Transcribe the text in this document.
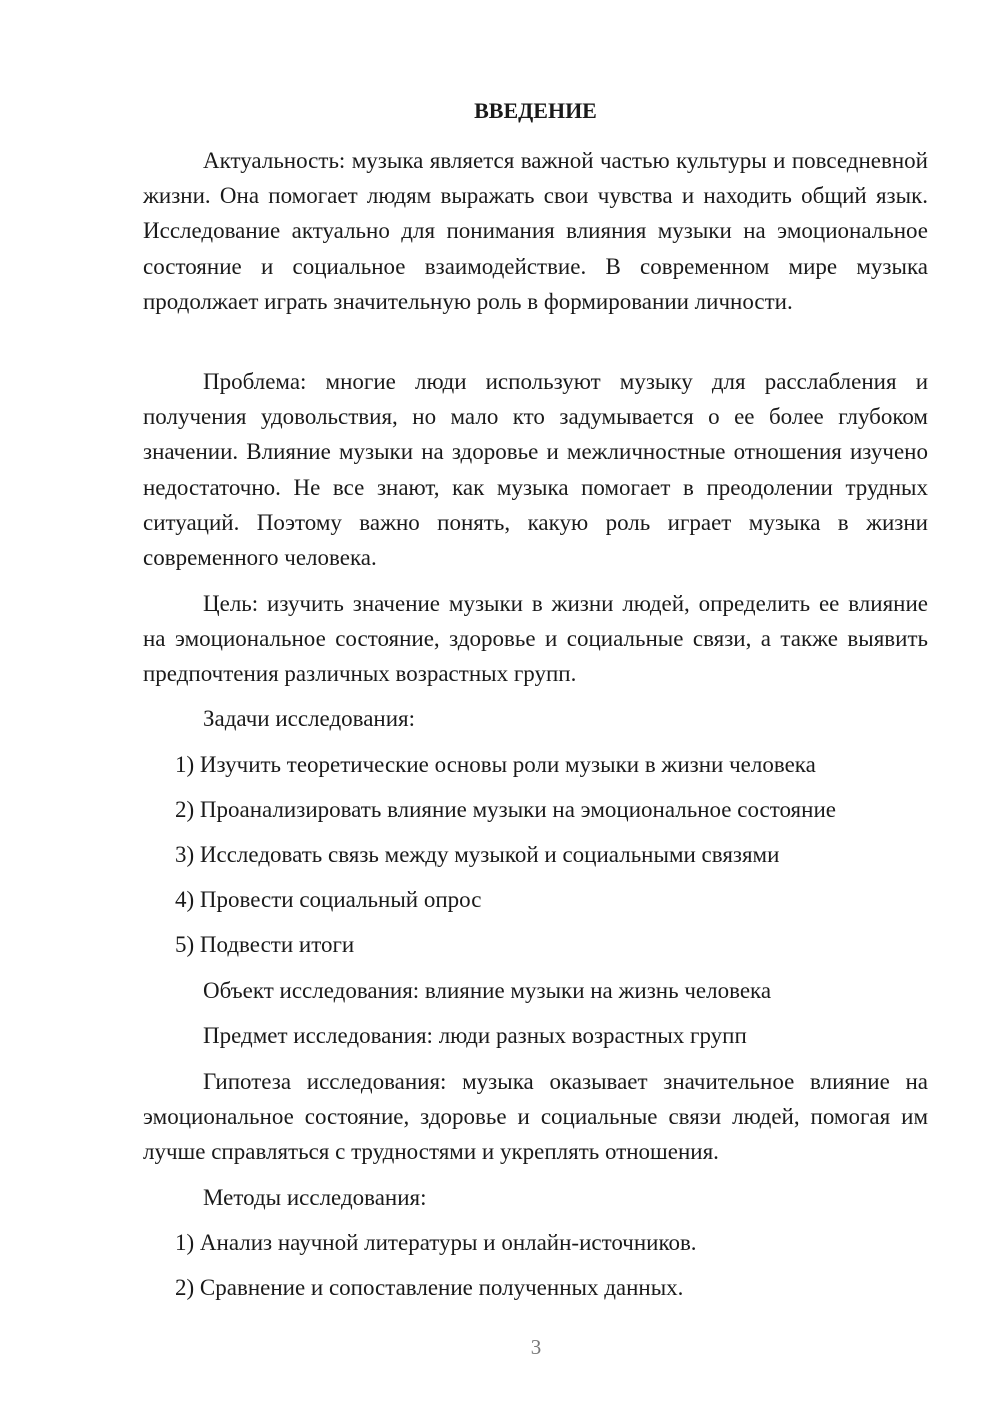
ВВЕДЕНИЕ

Актуальность: музыка является важной частью культуры и повседневной жизни. Она помогает людям выражать свои чувства и находить общий язык. Исследование актуально для понимания влияния музыки на эмоциональное состояние и социальное взаимодействие. В современном мире музыка продолжает играть значительную роль в формировании личности.

Проблема: многие люди используют музыку для расслабления и получения удовольствия, но мало кто задумывается о ее более глубоком значении. Влияние музыки на здоровье и межличностные отношения изучено недостаточно. Не все знают, как музыка помогает в преодолении трудных ситуаций. Поэтому важно понять, какую роль играет музыка в жизни современного человека.

Цель: изучить значение музыки в жизни людей, определить ее влияние на эмоциональное состояние, здоровье и социальные связи, а также выявить предпочтения различных возрастных групп.

Задачи исследования:
1) Изучить теоретические основы роли музыки в жизни человека
2) Проанализировать влияние музыки на эмоциональное состояние
3) Исследовать связь между музыкой и социальными связями
4) Провести социальный опрос
5) Подвести итоги
Объект исследования: влияние музыки на жизнь человека
Предмет исследования: люди разных возрастных групп

Гипотеза исследования: музыка оказывает значительное влияние на эмоциональное состояние, здоровье и социальные связи людей, помогая им лучше справляться с трудностями и укреплять отношения.

Методы исследования:
1) Анализ научной литературы и онлайн-источников.
2) Сравнение и сопоставление полученных данных.
3
